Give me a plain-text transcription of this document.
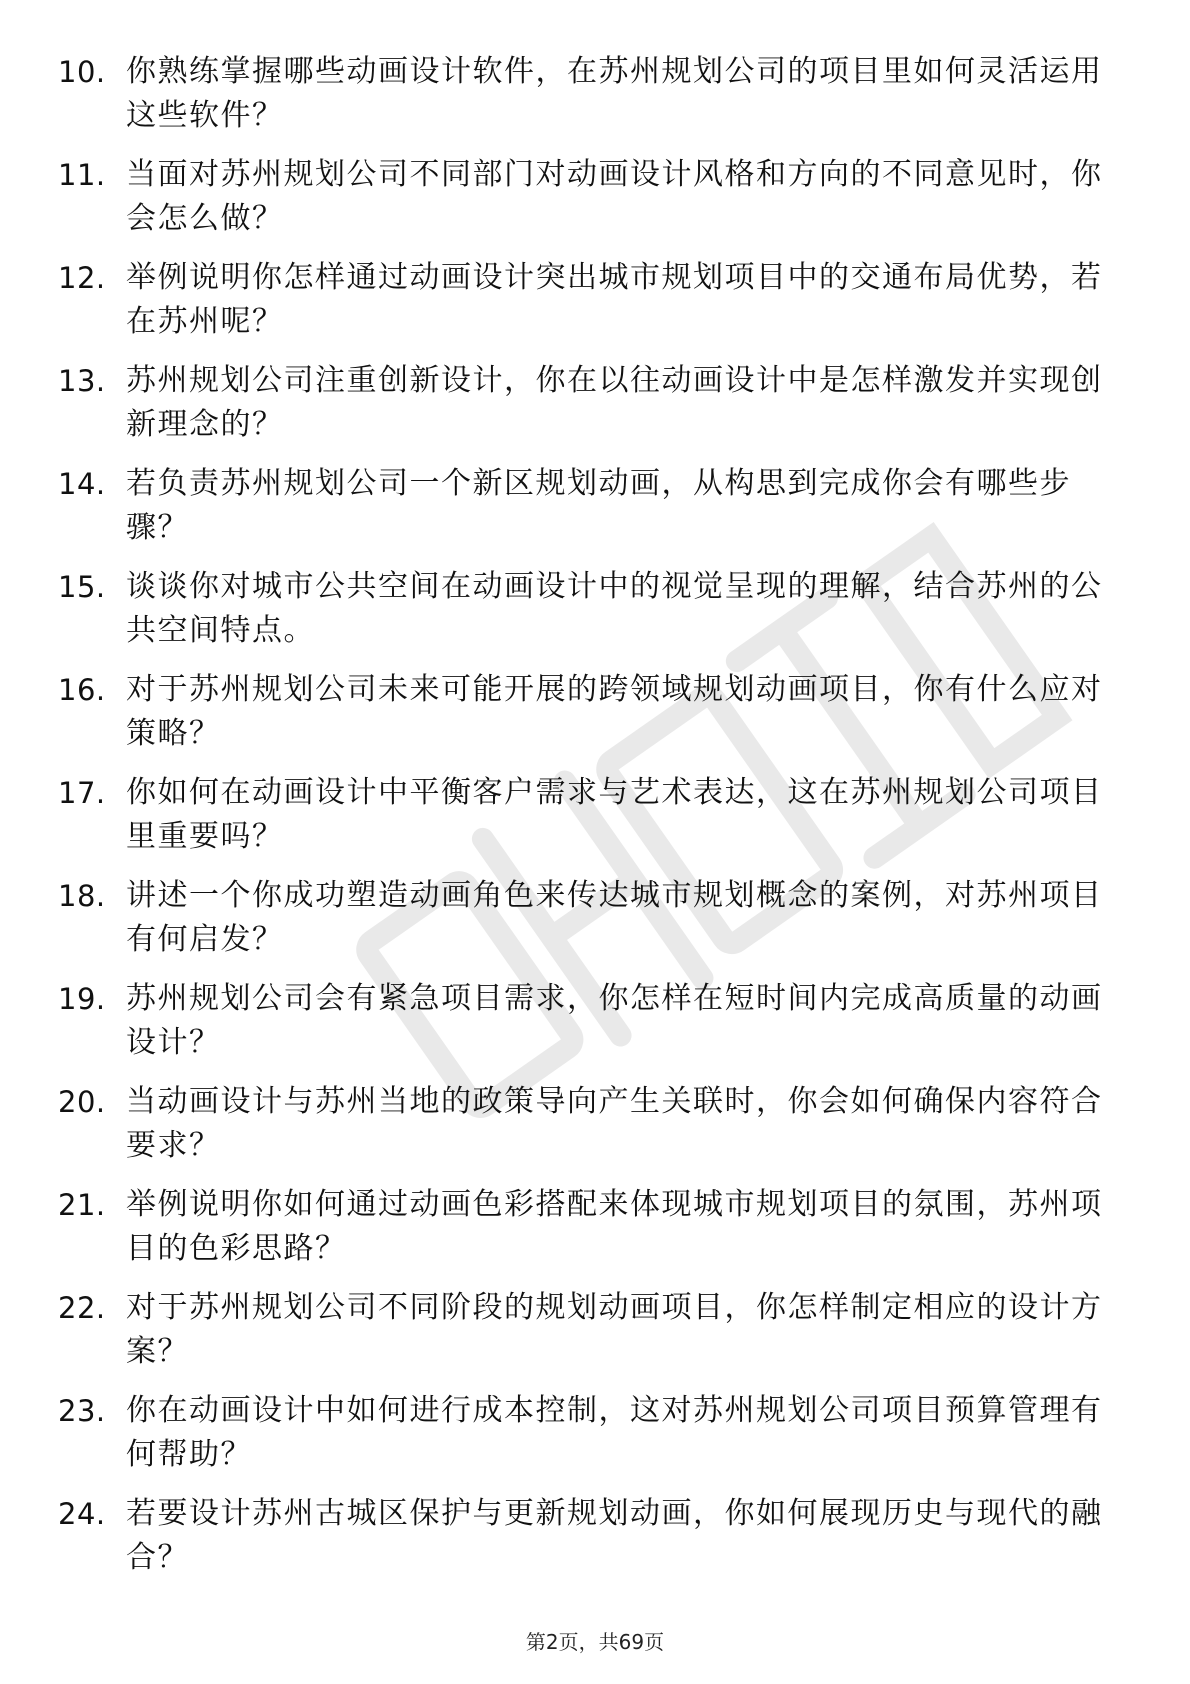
10. 你熟练掌握哪些动画设计软件，在苏州规划公司的项目里如何灵活运用这些软件？
11. 当面对苏州规划公司不同部门对动画设计风格和方向的不同意见时，你会怎么做？
12. 举例说明你怎样通过动画设计突出城市规划项目中的交通布局优势，若在苏州呢？
13. 苏州规划公司注重创新设计，你在以往动画设计中是怎样激发并实现创新理念的？
14. 若负责苏州规划公司一个新区规划动画，从构思到完成你会有哪些步骤？
15. 谈谈你对城市公共空间在动画设计中的视觉呈现的理解，结合苏州的公共空间特点。
16. 对于苏州规划公司未来可能开展的跨领域规划动画项目，你有什么应对策略？
17. 你如何在动画设计中平衡客户需求与艺术表达，这在苏州规划公司项目里重要吗？
18. 讲述一个你成功塑造动画角色来传达城市规划概念的案例，对苏州项目有何启发？
19. 苏州规划公司会有紧急项目需求，你怎样在短时间内完成高质量的动画设计？
20. 当动画设计与苏州当地的政策导向产生关联时，你会如何确保内容符合要求？
21. 举例说明你如何通过动画色彩搭配来体现城市规划项目的氛围，苏州项目的色彩思路？
22. 对于苏州规划公司不同阶段的规划动画项目，你怎样制定相应的设计方案？
23. 你在动画设计中如何进行成本控制，这对苏州规划公司项目预算管理有何帮助？
24. 若要设计苏州古城区保护与更新规划动画，你如何展现历史与现代的融合？
第2页，共69页
